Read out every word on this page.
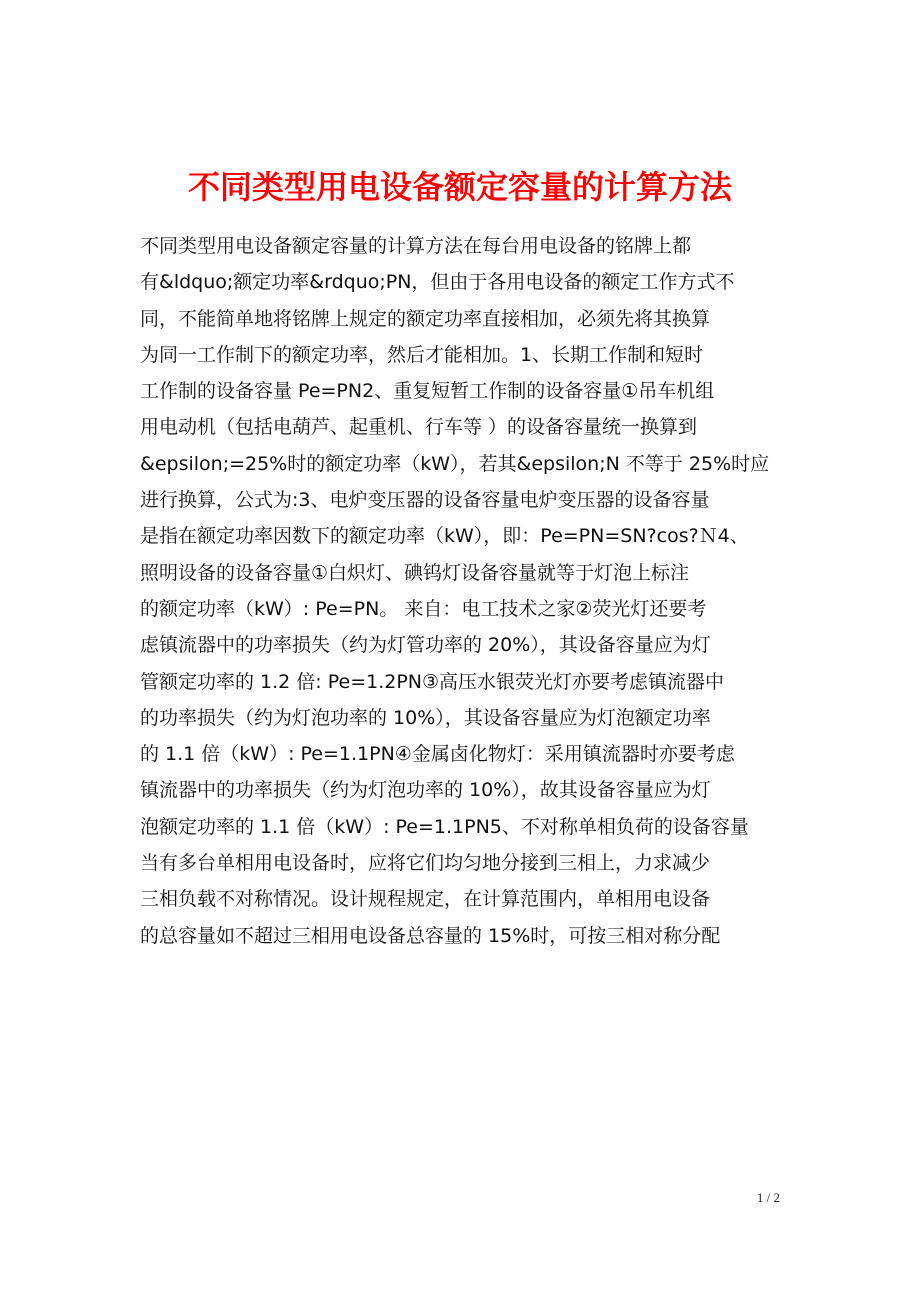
不同类型用电设备额定容量的计算方法
不同类型用电设备额定容量的计算方法在每台用电设备的铭牌上都
有&ldquo;额定功率&rdquo;PN，但由于各用电设备的额定工作方式不
同，不能简单地将铭牌上规定的额定功率直接相加，必须先将其换算
为同一工作制下的额定功率，然后才能相加。1、长期工作制和短时
工作制的设备容量 Pe=PN2、重复短暂工作制的设备容量①吊车机组
用电动机（包括电葫芦、起重机、行车等 ）的设备容量统一换算到
&epsilon;=25%时的额定功率（kW），若其&epsilon;N 不等于 25%时应
进行换算，公式为:3、电炉变压器的设备容量电炉变压器的设备容量
是指在额定功率因数下的额定功率（kW），即：Pe=PN=SN?cos?Ｎ4、
照明设备的设备容量①白炽灯、碘钨灯设备容量就等于灯泡上标注
的额定功率（kW）: Pe=PN。 来自：电工技术之家②荧光灯还要考
虑镇流器中的功率损失（约为灯管功率的 20%），其设备容量应为灯
管额定功率的 1.2 倍: Pe=1.2PN③高压水银荧光灯亦要考虑镇流器中
的功率损失（约为灯泡功率的 10%），其设备容量应为灯泡额定功率
的 1.1 倍（kW）: Pe=1.1PN④金属卤化物灯：采用镇流器时亦要考虑
镇流器中的功率损失（约为灯泡功率的 10%），故其设备容量应为灯
泡额定功率的 1.1 倍（kW）: Pe=1.1PN5、不对称单相负荷的设备容量
当有多台单相用电设备时，应将它们均匀地分接到三相上，力求减少
三相负载不对称情况。设计规程规定，在计算范围内，单相用电设备
的总容量如不超过三相用电设备总容量的 15%时，可按三相对称分配
1 / 2
